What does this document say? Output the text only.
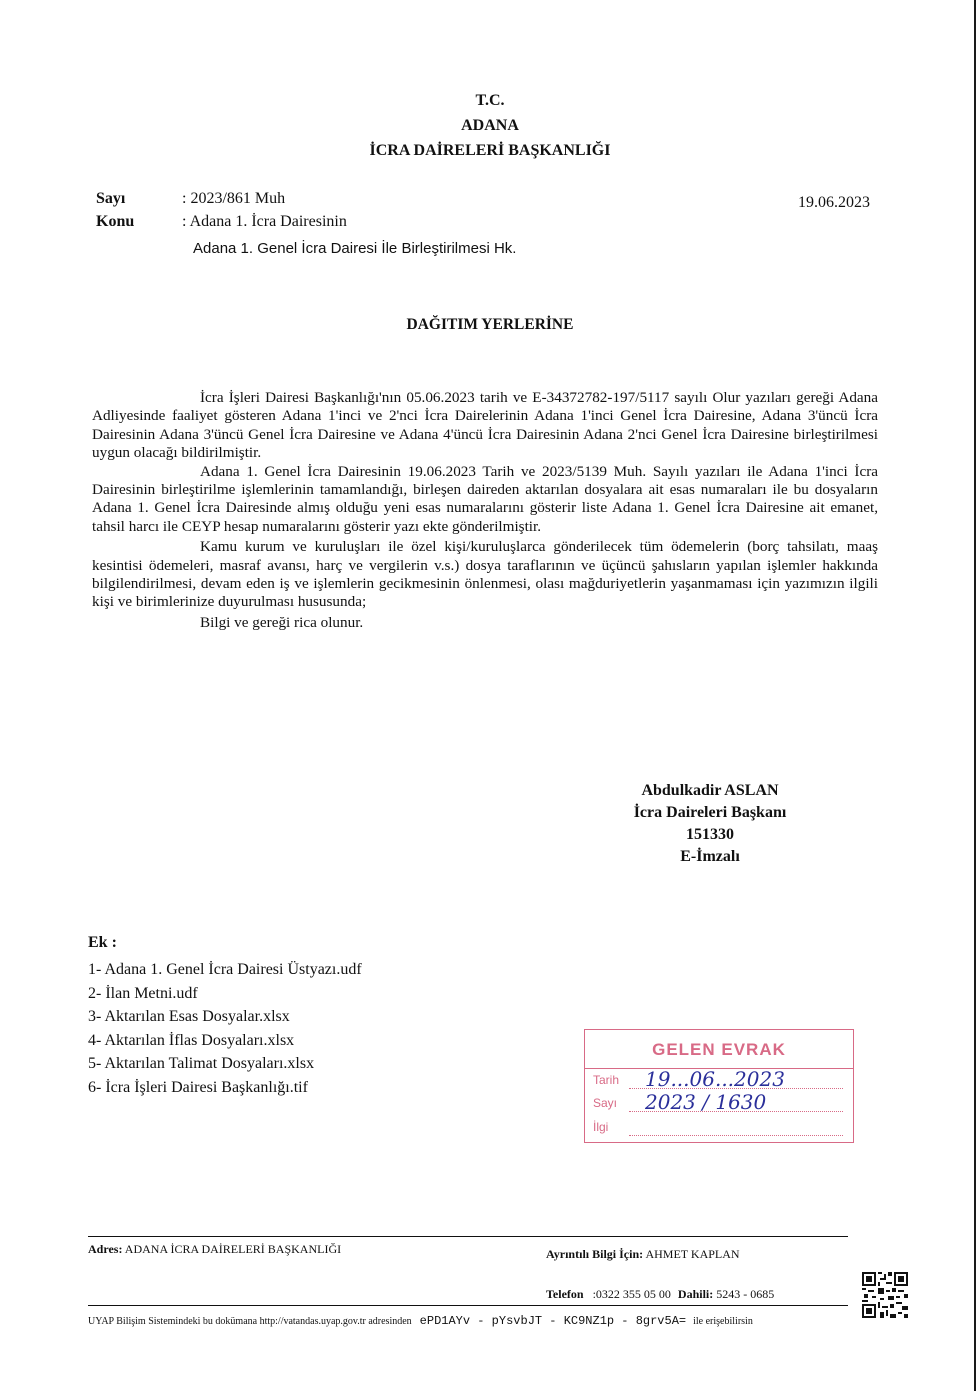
T.C.
ADANA
İCRA DAİRELERİ BAŞKANLIĞI
Sayı	: 2023/861 Muh	19.06.2023
Konu	: Adana 1. İcra Dairesinin
Adana 1. Genel İcra Dairesi İle Birleştirilmesi Hk.
DAĞITIM YERLERİNE

İcra İşleri Dairesi Başkanlığı'nın 05.06.2023 tarih ve E-34372782-197/5117 sayılı Olur yazıları gereği Adana Adliyesinde faaliyet gösteren Adana 1'inci ve 2'nci İcra Dairelerinin Adana 1'inci Genel İcra Dairesine, Adana 3'üncü İcra Dairesinin Adana 3'üncü Genel İcra Dairesine ve Adana 4'üncü İcra Dairesinin Adana 2'nci Genel İcra Dairesine birleştirilmesi uygun olacağı bildirilmiştir.

Adana 1. Genel İcra Dairesinin 19.06.2023 Tarih ve 2023/5139 Muh. Sayılı yazıları ile Adana 1'inci İcra Dairesinin birleştirilme işlemlerinin tamamlandığı, birleşen daireden aktarılan dosyalara ait esas numaraları ile bu dosyaların Adana 1. Genel İcra Dairesinde almış olduğu yeni esas numaralarını gösterir liste Adana 1. Genel İcra Dairesine ait emanet, tahsil harcı ile CEYP hesap numaralarını gösterir yazı ekte gönderilmiştir.

Kamu kurum ve kuruluşları ile özel kişi/kuruluşlarca gönderilecek tüm ödemelerin (borç tahsilatı, maaş kesintisi ödemeleri, masraf avansı, harç ve vergilerin v.s.) dosya taraflarının ve üçüncü şahısların yapılan işlemler hakkında bilgilendirilmesi, devam eden iş ve işlemlerin gecikmesinin önlenmesi, olası mağduriyetlerin yaşanmaması için yazımızın ilgili kişi ve birimlerinize duyurulması hususunda;

Bilgi ve gereği rica olunur.

Abdulkadir ASLAN
İcra Daireleri Başkanı
151330
E-İmzalı
Ek :
1- Adana 1. Genel İcra Dairesi Üstyazı.udf
2- İlan Metni.udf
3- Aktarılan Esas Dosyalar.xlsx
4- Aktarılan İflas Dosyaları.xlsx
5- Aktarılan Talimat Dosyaları.xlsx
6- İcra İşleri Dairesi Başkanlığı.tif
GELEN EVRAK
Tarih 19...06...2023
Sayı 2023 / 1630
İlgi
Adres: ADANA İCRA DAİRELERİ BAŞKANLIĞI	Ayrıntılı Bilgi İçin: AHMET KAPLAN
Telefon :0322 355 05 00 Dahili: 5243 - 0685
UYAP Bilişim Sistemindeki bu dokümana http://vatandas.uyap.gov.tr adresinden ePD1AYv - pYsvbJT - KC9NZ1p - 8grv5A= ile erişebilirsin
